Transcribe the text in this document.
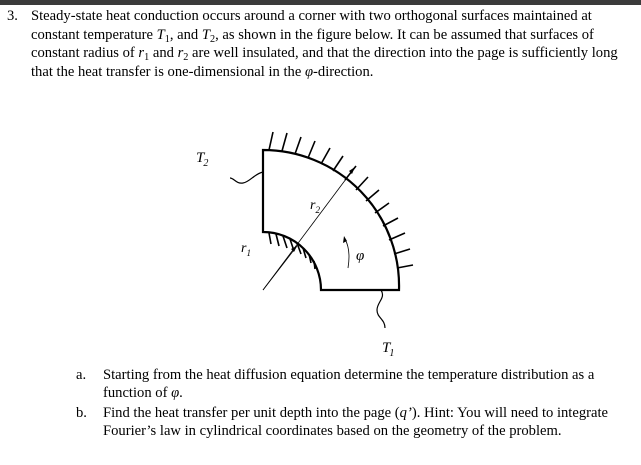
3. Steady-state heat conduction occurs around a corner with two orthogonal surfaces maintained at constant temperature $T_1$, and $T_2$, as shown in the figure below. It can be assumed that surfaces of constant radius of $r_1$ and $r_2$ are well insulated, and that the direction into the page is sufficiently long that the heat transfer is one-dimensional in the φ-direction.
T2
T1
$r_1$
$r_2$
φ
a. Starting from the heat diffusion equation determine the temperature distribution as a function of φ.
b. Find the heat transfer per unit depth into the page (q’). Hint: You will need to integrate Fourier’s law in cylindrical coordinates based on the geometry of the problem.
